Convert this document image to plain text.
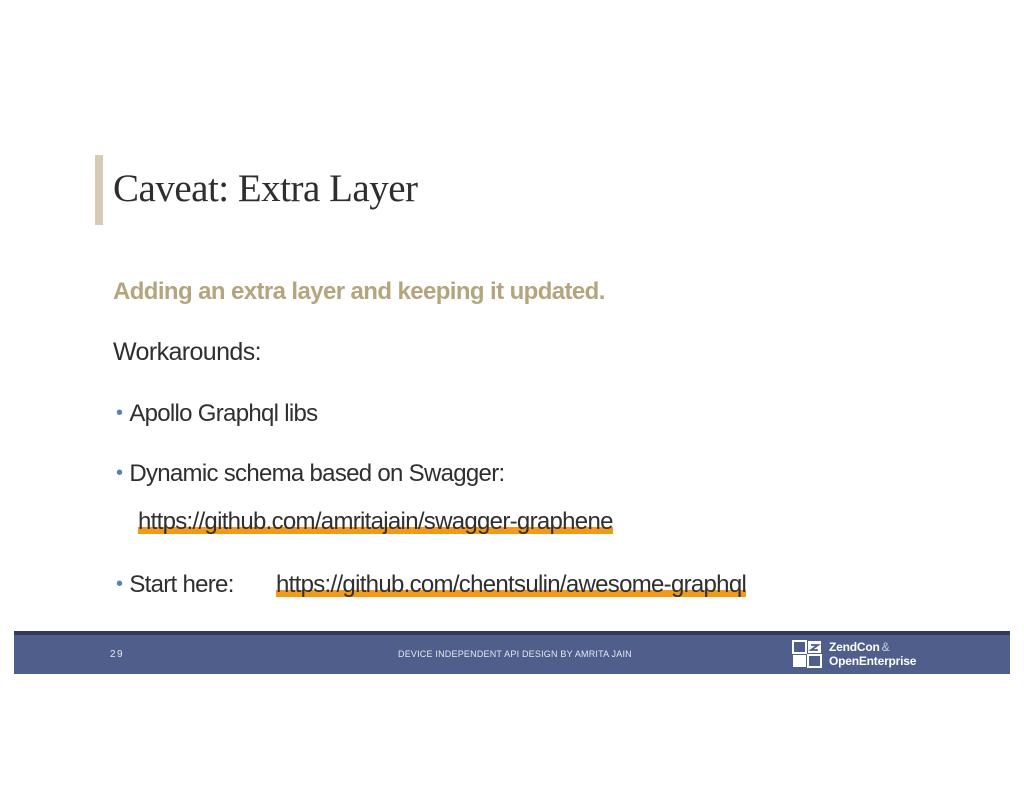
Caveat: Extra Layer
Adding an extra layer and keeping it updated.
Workarounds:
• Apollo Graphql libs
• Dynamic schema based on Swagger:
https://github.com/amritajain/swagger-graphene
• Start here: https://github.com/chentsulin/awesome-graphql
29	DEVICE INDEPENDENT API DESIGN BY AMRITA JAIN	ZendCon &
OpenEnterprise
